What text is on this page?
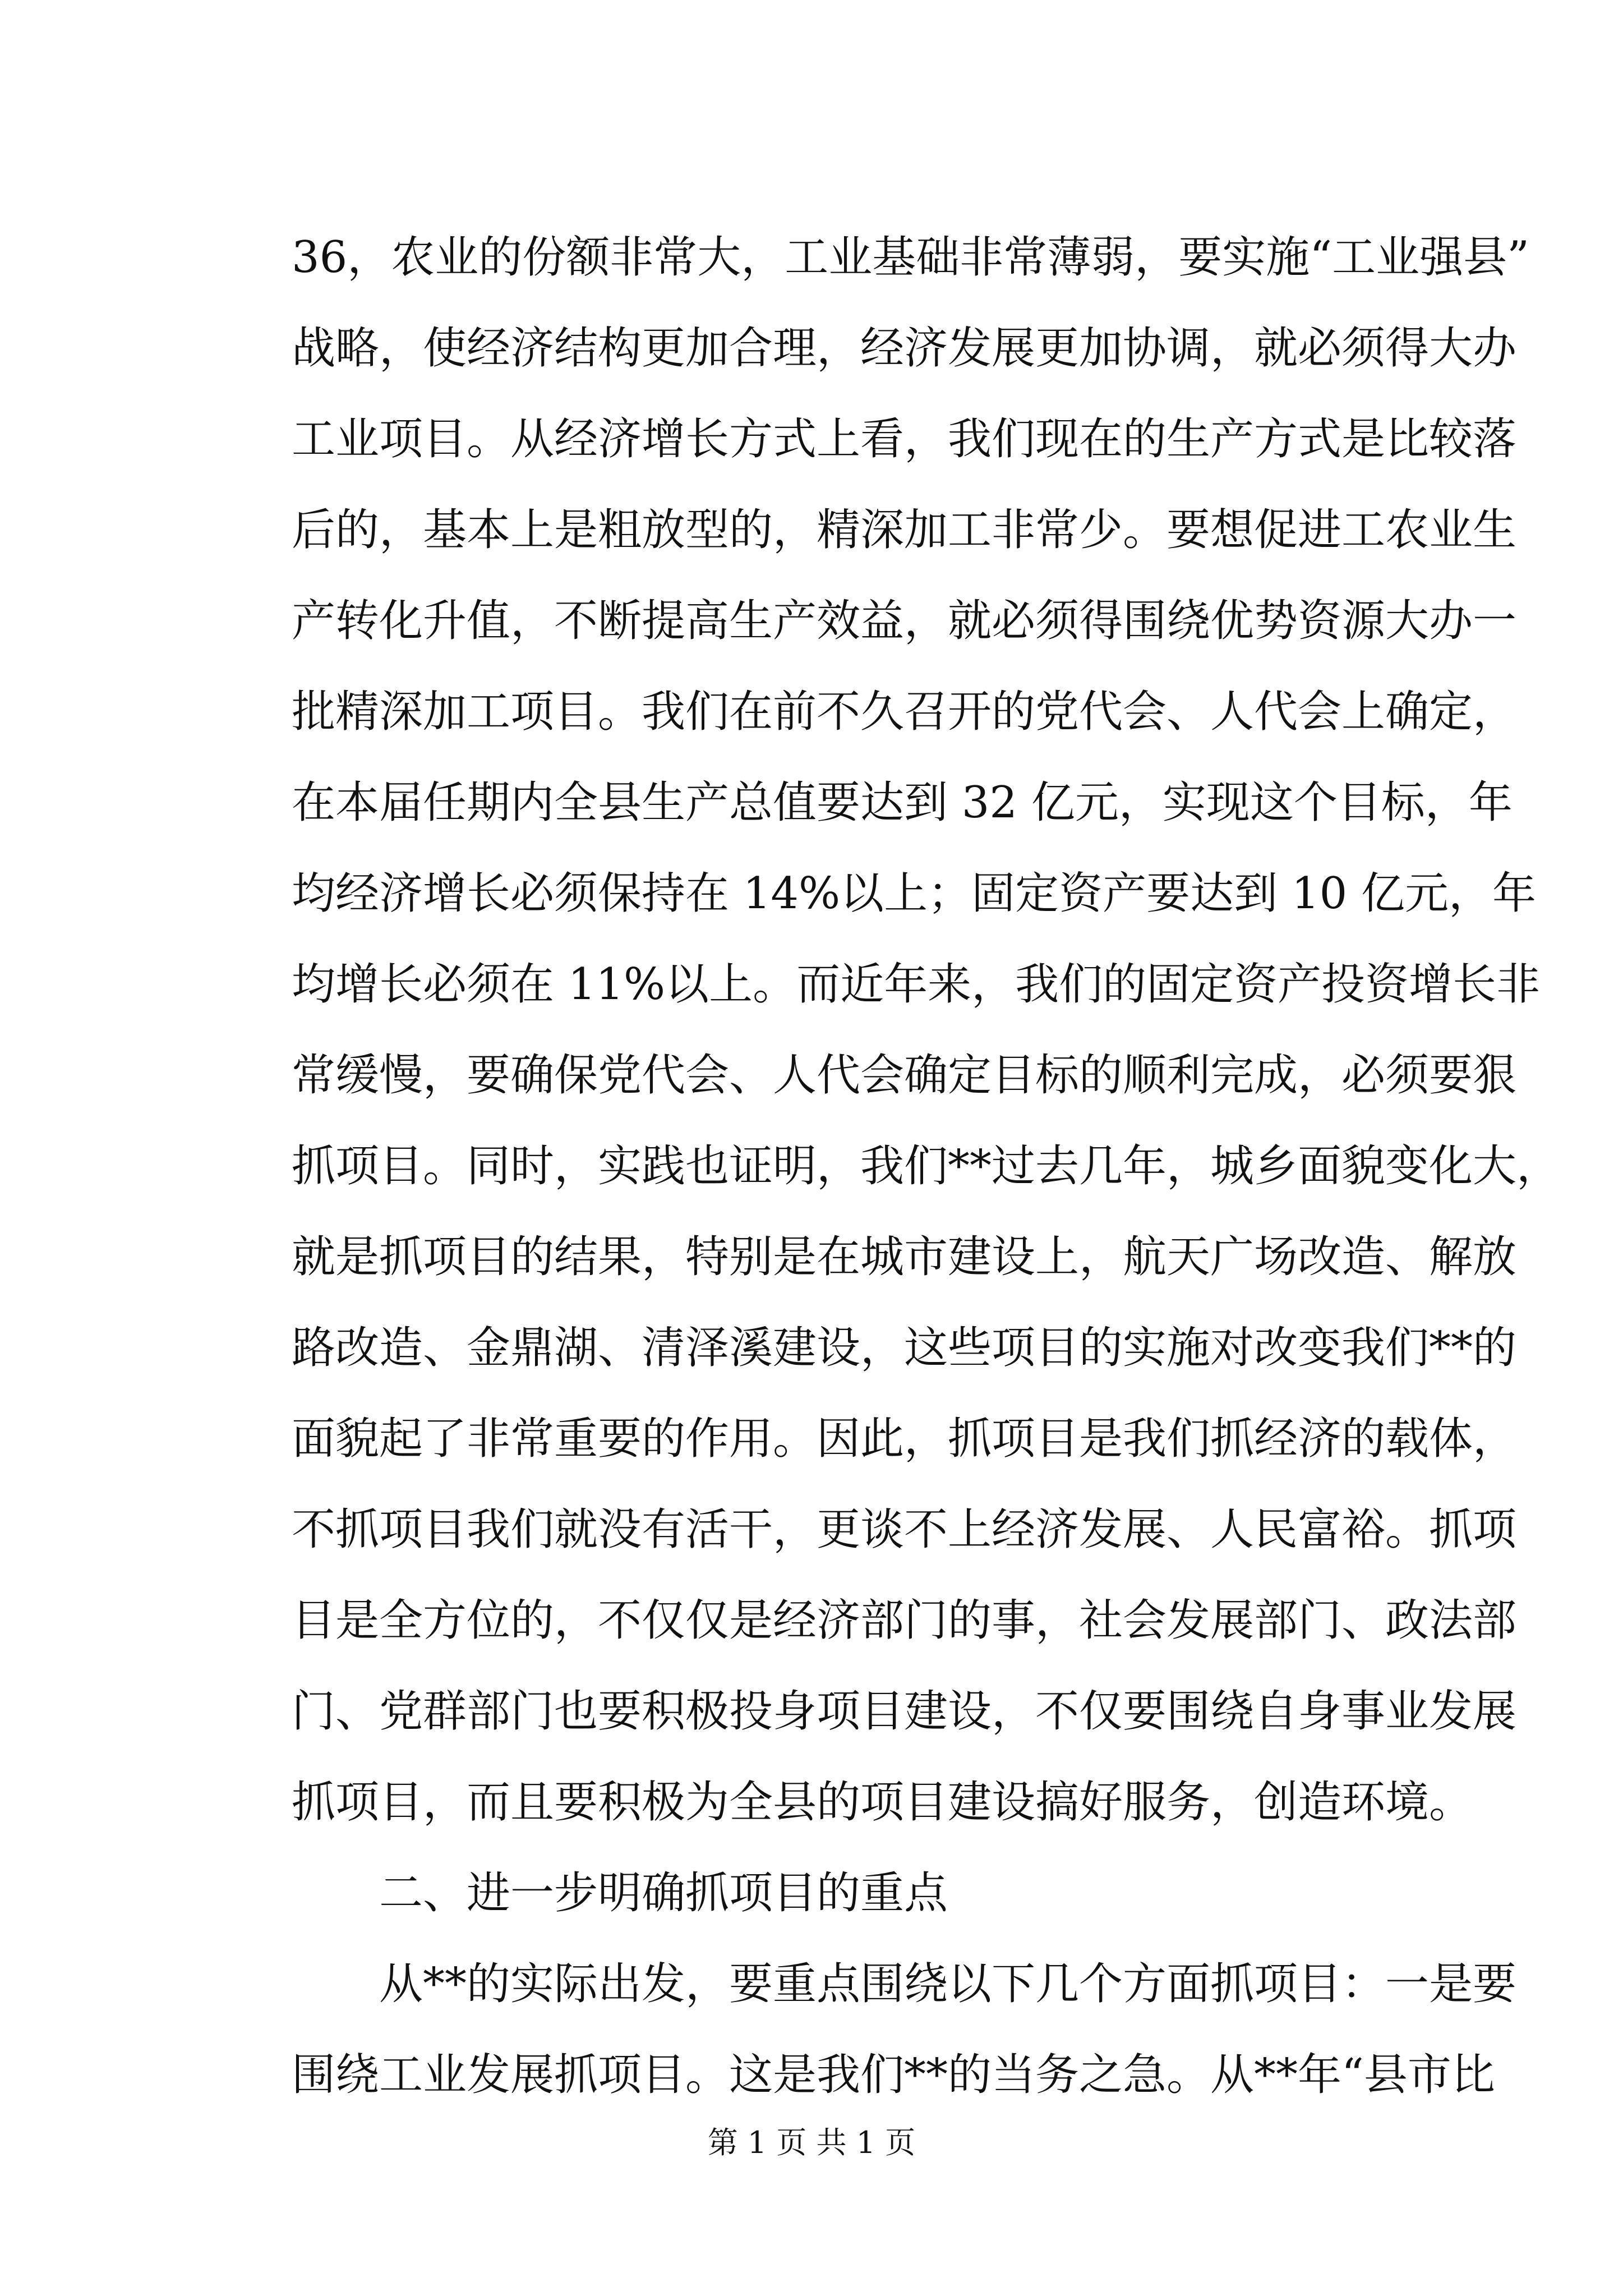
36，农业的份额非常大，工业基础非常薄弱，要实施“工业强县”
战略，使经济结构更加合理，经济发展更加协调，就必须得大办
工业项目。从经济增长方式上看，我们现在的生产方式是比较落
后的，基本上是粗放型的，精深加工非常少。要想促进工农业生
产转化升值，不断提高生产效益，就必须得围绕优势资源大办一
批精深加工项目。我们在前不久召开的党代会、人代会上确定，
在本届任期内全县生产总值要达到 32 亿元，实现这个目标，年
均经济增长必须保持在 14%以上；固定资产要达到 10 亿元，年
均增长必须在 11%以上。而近年来，我们的固定资产投资增长非
常缓慢，要确保党代会、人代会确定目标的顺利完成，必须要狠
抓项目。同时，实践也证明，我们**过去几年，城乡面貌变化大，
就是抓项目的结果，特别是在城市建设上，航天广场改造、解放
路改造、金鼎湖、清泽溪建设，这些项目的实施对改变我们**的
面貌起了非常重要的作用。因此，抓项目是我们抓经济的载体，
不抓项目我们就没有活干，更谈不上经济发展、人民富裕。抓项
目是全方位的，不仅仅是经济部门的事，社会发展部门、政法部
门、党群部门也要积极投身项目建设，不仅要围绕自身事业发展
抓项目，而且要积极为全县的项目建设搞好服务，创造环境。
二、进一步明确抓项目的重点
从**的实际出发，要重点围绕以下几个方面抓项目：一是要
围绕工业发展抓项目。这是我们**的当务之急。从**年“县市比
第 1 页 共 1 页
